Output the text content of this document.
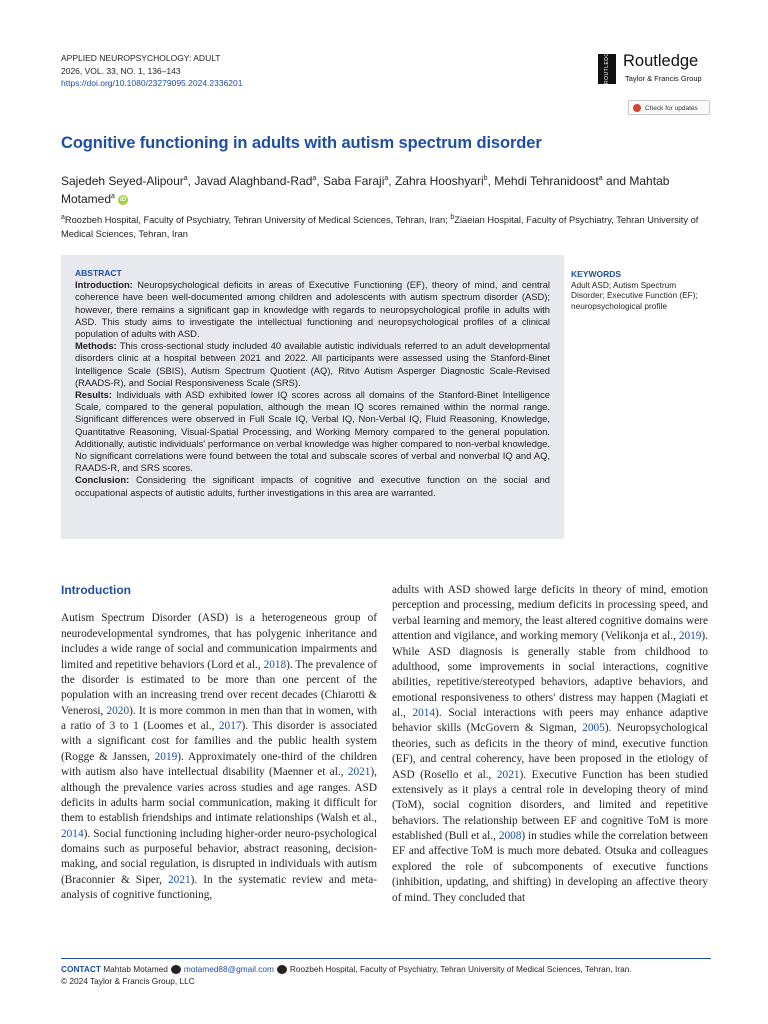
APPLIED NEUROPSYCHOLOGY: ADULT
2026, VOL. 33, NO. 1, 136–143
https://doi.org/10.1080/23279095.2024.2336201	ROUTLEDGE Routledge
Taylor & Francis Group
Check for updates
Cognitive functioning in adults with autism spectrum disorder
Sajedeh Seyed-Alipour$^a$, Javad Alaghband-Rad$^a$, Saba Faraji$^a$, Zahra Hooshyari$^b$, Mehdi Tehranidoost$^a$ and Mahtab Motamed$^a$ iD
$^a$Roozbeh Hospital, Faculty of Psychiatry, Tehran University of Medical Sciences, Tehran, Iran; $^b$Ziaeian Hospital, Faculty of Psychiatry, Tehran University of Medical Sciences, Tehran, Iran
ABSTRACT

Introduction: Neuropsychological deficits in areas of Executive Functioning (EF), theory of mind, and central coherence have been well-documented among children and adolescents with autism spectrum disorder (ASD); however, there remains a significant gap in knowledge with regards to neuropsychological profile in adults with ASD. This study aims to investigate the intellectual functioning and neuropsychological profiles of a clinical population of adults with ASD.

Methods: This cross-sectional study included 40 available autistic individuals referred to an adult developmental disorders clinic at a hospital between 2021 and 2022. All participants were assessed using the Stanford-Binet Intelligence Scale (SBIS), Autism Spectrum Quotient (AQ), Ritvo Autism Asperger Diagnostic Scale-Revised (RAADS-R), and Social Responsiveness Scale (SRS).

Results: Individuals with ASD exhibited lower IQ scores across all domains of the Stanford-Binet Intelligence Scale, compared to the general population, although the mean IQ scores remained within the normal range. Significant differences were observed in Full Scale IQ, Verbal IQ, Non-Verbal IQ, Fluid Reasoning, Knowledge, Quantitative Reasoning, Visual-Spatial Processing, and Working Memory compared to the general population. Additionally, autistic individuals' performance on verbal knowledge was higher compared to non-verbal knowledge. No significant correlations were found between the total and subscale scores of verbal and nonverbal IQ and AQ, RAADS-R, and SRS scores.

Conclusion: Considering the significant impacts of cognitive and executive function on the social and occupational aspects of autistic adults, further investigations in this area are warranted.

KEYWORDS
Adult ASD; Autism Spectrum Disorder; Executive Function (EF); neuropsychological profile
Introduction
Autism Spectrum Disorder (ASD) is a heterogeneous group of neurodevelopmental syndromes, that has polygenic inheritance and includes a wide range of social and communication impairments and limited and repetitive behaviors (Lord et al., 2018). The prevalence of the disorder is estimated to be more than one percent of the population with an increasing trend over recent decades (Chiarotti & Venerosi, 2020). It is more common in men than that in women, with a ratio of 3 to 1 (Loomes et al., 2017). This disorder is associated with a significant cost for families and the public health system (Rogge & Janssen, 2019). Approximately one-third of the children with autism also have intellectual disability (Maenner et al., 2021), although the prevalence varies across studies and age ranges. ASD deficits in adults harm social communication, making it difficult for them to establish friendships and intimate relationships (Walsh et al., 2014). Social functioning including higher-order neuro-psychological domains such as purposeful behavior, abstract reasoning, decision-making, and social regulation, is disrupted in individuals with autism (Braconnier & Siper, 2021). In the systematic review and meta-analysis of cognitive functioning,
adults with ASD showed large deficits in theory of mind, emotion perception and processing, medium deficits in processing speed, and verbal learning and memory, the least altered cognitive domains were attention and vigilance, and working memory (Velikonja et al., 2019). While ASD diagnosis is generally stable from childhood to adulthood, some improvements in social interactions, cognitive abilities, repetitive/stereotyped behaviors, adaptive behaviors, and emotional responsiveness to others' distress may happen (Magiati et al., 2014). Social interactions with peers may enhance adaptive behavior skills (McGovern & Sigman, 2005). Neuropsychological theories, such as deficits in the theory of mind, executive function (EF), and central coherency, have been proposed in the etiology of ASD (Rosello et al., 2021). Executive Function has been studied extensively as it plays a central role in developing theory of mind (ToM), social cognition disorders, and limited and repetitive behaviors. The relationship between EF and cognitive ToM is more established (Bull et al., 2008) in studies while the correlation between EF and affective ToM is much more debated. Otsuka and colleagues explored the role of subcomponents of executive functions (inhibition, updating, and shifting) in developing an affective theory of mind. They concluded that
CONTACT Mahtab Motamed motamed88@gmail.com Roozbeh Hospital, Faculty of Psychiatry, Tehran University of Medical Sciences, Tehran, Iran.
© 2024 Taylor & Francis Group, LLC
